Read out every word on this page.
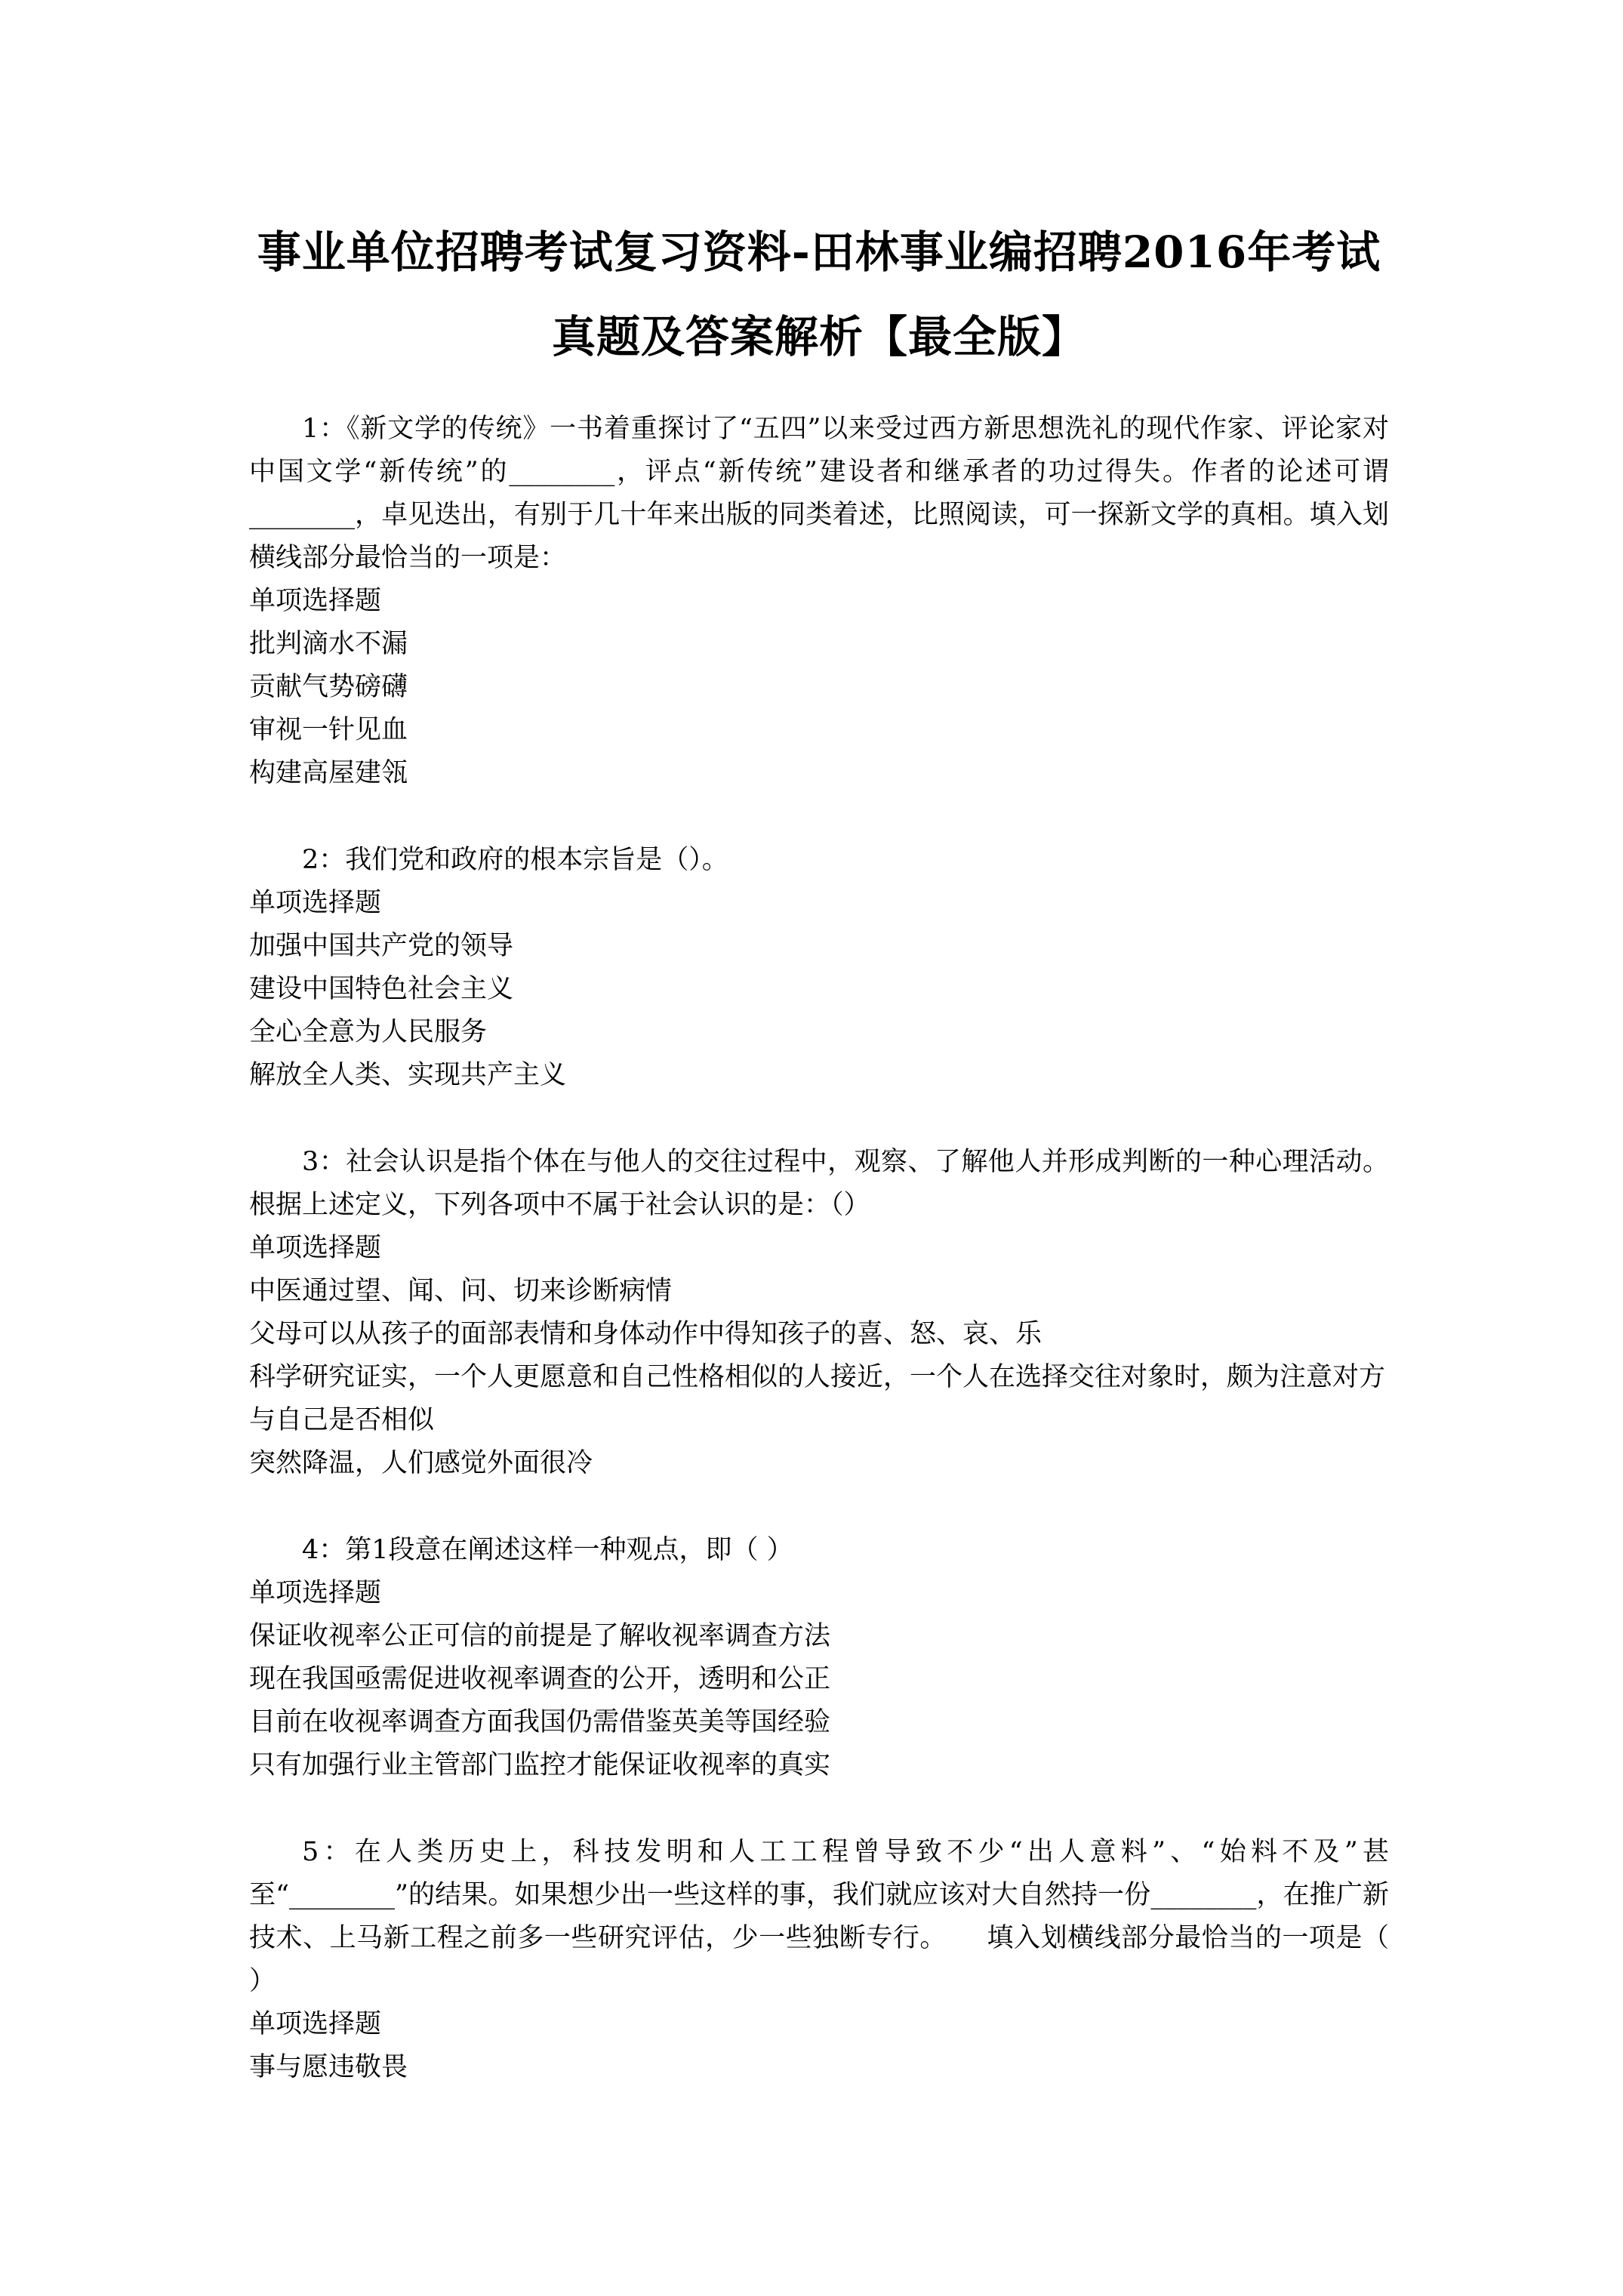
事业单位招聘考试复习资料-田林事业编招聘2016年考试
真题及答案解析【最全版】

1：《新文学的传统》一书着重探讨了“五四”以来受过西方新思想洗礼的现代作家、评论家对中国文学“新传统”的________，评点“新传统”建设者和继承者的功过得失。作者的论述可谓________，卓见迭出，有别于几十年来出版的同类着述，比照阅读，可一探新文学的真相。填入划横线部分最恰当的一项是：

单项选择题

批判滴水不漏

贡献气势磅礴

审视一针见血

构建高屋建瓴

2：我们党和政府的根本宗旨是（）。

单项选择题

加强中国共产党的领导

建设中国特色社会主义

全心全意为人民服务

解放全人类、实现共产主义

3：社会认识是指个体在与他人的交往过程中，观察、了解他人并形成判断的一种心理活动。根据上述定义，下列各项中不属于社会认识的是：（）

单项选择题

中医通过望、闻、问、切来诊断病情

父母可以从孩子的面部表情和身体动作中得知孩子的喜、怒、哀、乐

科学研究证实，一个人更愿意和自己性格相似的人接近，一个人在选择交往对象时，颇为注意对方与自己是否相似

突然降温，人们感觉外面很冷

4：第1段意在阐述这样一种观点，即（ ）

单项选择题

保证收视率公正可信的前提是了解收视率调查方法

现在我国亟需促进收视率调查的公开，透明和公正

目前在收视率调查方面我国仍需借鉴英美等国经验

只有加强行业主管部门监控才能保证收视率的真实

5：在人类历史上，科技发明和人工工程曾导致不少“出人意料”、“始料不及”甚至“________”的结果。如果想少出一些这样的事，我们就应该对大自然持一份________，在推广新技术、上马新工程之前多一些研究评估，少一些独断专行。　　填入划横线部分最恰当的一项是（ ）

单项选择题

事与愿违敬畏
